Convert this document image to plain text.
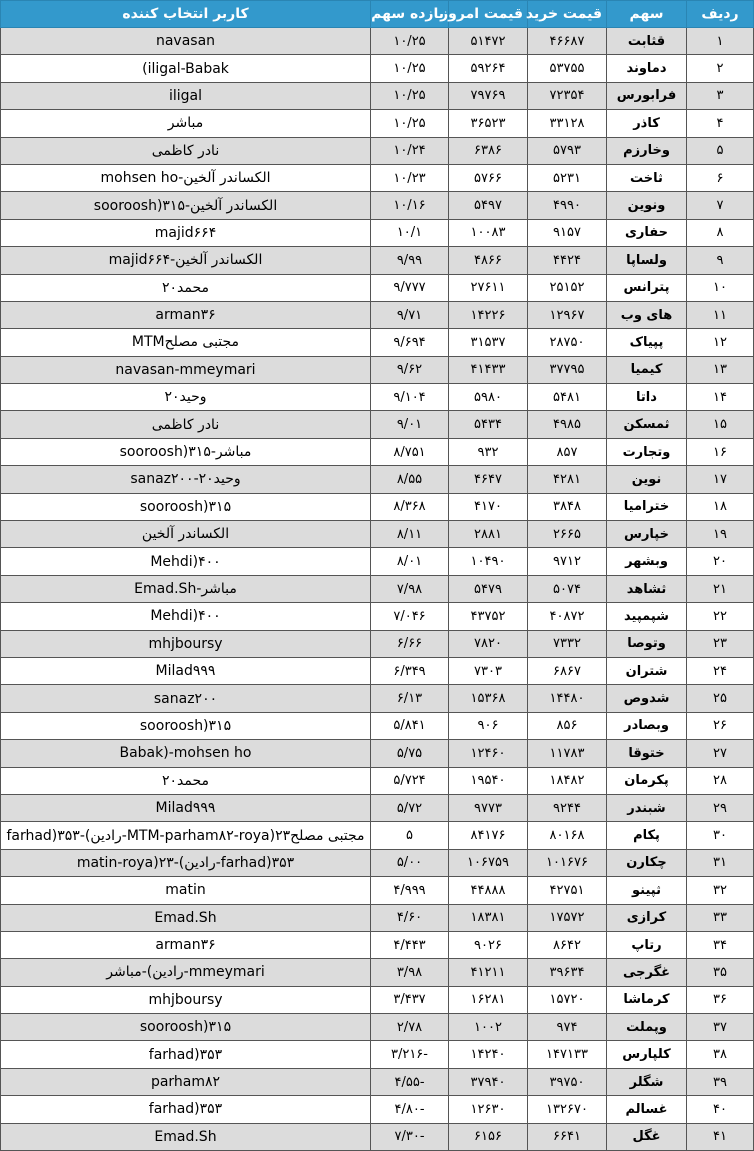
ردیف	سهم	قیمت خرید	قیمت امروز	بازده سهم	کاربر انتخاب کننده
۱	قثابت	۴۶۶۸۷	۵۱۴۷۲	۱۰/۲۵	navasan
۲	دماوند	۵۳۷۵۵	۵۹۲۶۴	۱۰/۲۵	iligal-Babak)
۳	فرابورس	۷۲۳۵۴	۷۹۷۶۹	۱۰/۲۵	iligal
۴	کاذر	۳۳۱۲۸	۳۶۵۲۳	۱۰/۲۵	مباشر
۵	وخارزم	۵۷۹۳	۶۳۸۶	۱۰/۲۴	نادر کاظمی
۶	ثاخت	۵۲۳۱	۵۷۶۶	۱۰/۲۳	الکساندر آلخین-mohsen ho
۷	ونوین	۴۹۹۰	۵۴۹۷	۱۰/۱۶	الکساندر آلخین-sooroosh)۳۱۵
۸	حفاری	۹۱۵۷	۱۰۰۸۳	۱۰/۱	majid۶۶۴
۹	ولساپا	۴۴۲۴	۴۸۶۶	۹/۹۹	الکساندر آلخین-majid۶۶۴
۱۰	پترانس	۲۵۱۵۲	۲۷۶۱۱	۹/۷۷۷	محمد۲۰
۱۱	های وب	۱۲۹۶۷	۱۴۲۲۶	۹/۷۱	arman۳۶
۱۲	پپیاک	۲۸۷۵۰	۳۱۵۳۷	۹/۶۹۴	مجتبی مصلحMTM
۱۳	کیمیا	۳۷۷۹۵	۴۱۴۳۳	۹/۶۲	navasan-mmeymari
۱۴	داتا	۵۴۸۱	۵۹۸۰	۹/۱۰۴	وحید۲۰
۱۵	ثمسکن	۴۹۸۵	۵۴۳۴	۹/۰۱	نادر کاظمی
۱۶	وتجارت	۸۵۷	۹۳۲	۸/۷۵۱	مباشر-sooroosh)۳۱۵
۱۷	نوین	۴۲۸۱	۴۶۴۷	۸/۵۵	وحید۲۰-sanaz۲۰۰
۱۸	ختراميا	۳۸۴۸	۴۱۷۰	۸/۳۶۸	sooroosh)۳۱۵
۱۹	خپارس	۲۶۶۵	۲۸۸۱	۸/۱۱	الکساندر آلخین
۲۰	وبشهر	۹۷۱۲	۱۰۴۹۰	۸/۰۱	Mehdi)۴۰۰
۲۱	ثشاهد	۵۰۷۴	۵۴۷۹	۷/۹۸	مباشر-Emad.Sh
۲۲	شپمپید	۴۰۸۷۲	۴۳۷۵۲	۷/۰۴۶	Mehdi)۴۰۰
۲۳	وتوصا	۷۳۳۲	۷۸۲۰	۶/۶۶	mhjboursy
۲۴	شتران	۶۸۶۷	۷۳۰۳	۶/۳۴۹	Milad۹۹۹
۲۵	شدوص	۱۴۴۸۰	۱۵۳۶۸	۶/۱۳	sanaz۲۰۰
۲۶	وبصادر	۸۵۶	۹۰۶	۵/۸۴۱	sooroosh)۳۱۵
۲۷	ختوقا	۱۱۷۸۳	۱۲۴۶۰	۵/۷۵	Babak)-mohsen ho
۲۸	پکرمان	۱۸۴۸۲	۱۹۵۴۰	۵/۷۲۴	محمد۲۰
۲۹	شبندر	۹۲۴۴	۹۷۷۳	۵/۷۲	Milad۹۹۹
۳۰	پکام	۸۰۱۶۸	۸۴۱۷۶	۵	مجتبی مصلحMTM-parham۸۲-roya)۲۳-رادین)-farhad)۳۵۳
۳۱	چکارن	۱۰۱۶۷۶	۱۰۶۷۵۹	۵/۰۰	farhad)۳۵۳-رادین)-matin-roya)۲۳
۳۲	ثپینو	۴۲۷۵۱	۴۴۸۸۸	۴/۹۹۹	matin
۳۳	کرازی	۱۷۵۷۲	۱۸۳۸۱	۴/۶۰	Emad.Sh
۳۴	رتاپ	۸۶۴۲	۹۰۲۶	۴/۴۴۳	arman۳۶
۳۵	غگرجی	۳۹۶۳۴	۴۱۲۱۱	۳/۹۸	mmeymari-رادین)-مباشر
۳۶	کرماشا	۱۵۷۲۰	۱۶۲۸۱	۳/۴۳۷	mhjboursy
۳۷	وپملت	۹۷۴	۱۰۰۲	۲/۷۸	sooroosh)۳۱۵
۳۸	کلپارس	۱۴۷۱۳۳	۱۴۲۴۰	-۳/۲۱۶	farhad)۳۵۳
۳۹	شگلر	۳۹۷۵۰	۳۷۹۴۰	-۴/۵۵	parham۸۲
۴۰	غسالم	۱۳۲۶۷۰	۱۲۶۳۰	-۴/۸۰	farhad)۳۵۳
۴۱	غگل	۶۶۴۱	۶۱۵۶	-۷/۳۰	Emad.Sh
